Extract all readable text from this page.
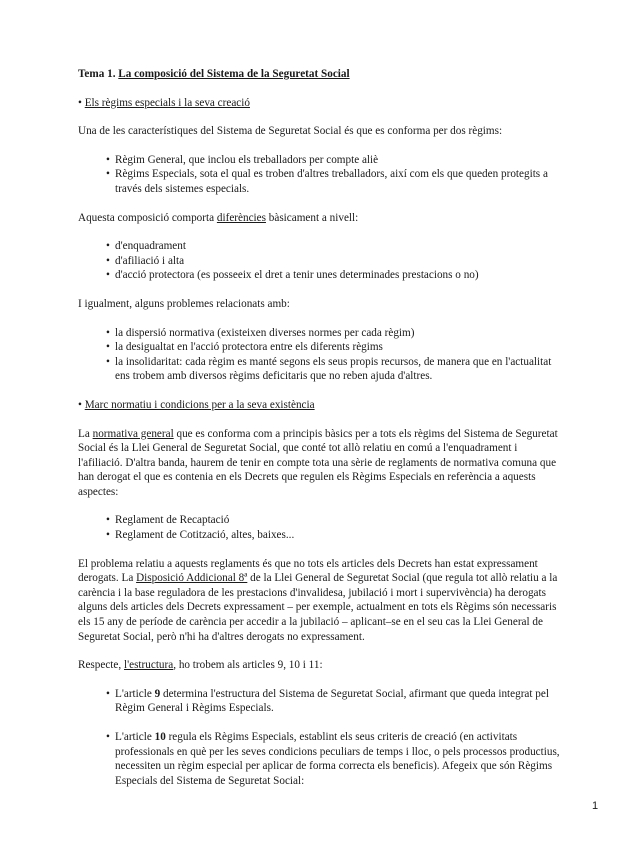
Tema 1. La composició del Sistema de la Seguretat Social
• Els règims especials i la seva creació

Una de les característiques del Sistema de Seguretat Social és que es conforma per dos règims:

• Règim General, que inclou els treballadors per compte aliè
• Règims Especials, sota el qual es troben d'altres treballadors, així com els que queden protegits a través dels sistemes especials.

Aquesta composició comporta diferències bàsicament a nivell:

• d'enquadrament
• d'afiliació i alta
• d'acció protectora (es posseeix el dret a tenir unes determinades prestacions o no)

I igualment, alguns problemes relacionats amb:

• la dispersió normativa (existeixen diverses normes per cada règim)
• la desigualtat en l'acció protectora entre els diferents règims
• la insolidaritat: cada règim es manté segons els seus propis recursos, de manera que en l'actualitat ens trobem amb diversos règims deficitaris que no reben ajuda d'altres.
• Marc normatiu i condicions per a la seva existència

La normativa general que es conforma com a principis bàsics per a tots els règims del Sistema de Seguretat Social és la Llei General de Seguretat Social, que conté tot allò relatiu en comú a l'enquadrament i l'afiliació. D'altra banda, haurem de tenir en compte tota una sèrie de reglaments de normativa comuna que han derogat el que es contenia en els Decrets que regulen els Règims Especials en referència a aquests aspectes:

• Reglament de Recaptació
• Reglament de Cotització, altes, baixes...

El problema relatiu a aquests reglaments és que no tots els articles dels Decrets han estat expressament derogats. La Disposició Addicional 8ª de la Llei General de Seguretat Social (que regula tot allò relatiu a la carència i la base reguladora de les prestacions d'invalidesa, jubilació i mort i supervivència) ha derogats alguns dels articles dels Decrets expressament – per exemple, actualment en tots els Règims són necessaris els 15 any de període de carència per accedir a la jubilació – aplicant–se en el seu cas la Llei General de Seguretat Social, però n'hi ha d'altres derogats no expressament.

Respecte, l'estructura, ho trobem als articles 9, 10 i 11:

• L'article 9 determina l'estructura del Sistema de Seguretat Social, afirmant que queda integrat pel Règim General i Règims Especials.
• L'article 10 regula els Règims Especials, establint els seus criteris de creació (en activitats professionals en què per les seves condicions peculiars de temps i lloc, o pels processos productius, necessiten un règim especial per aplicar de forma correcta els beneficis). Afegeix que són Règims Especials del Sistema de Seguretat Social:
1
